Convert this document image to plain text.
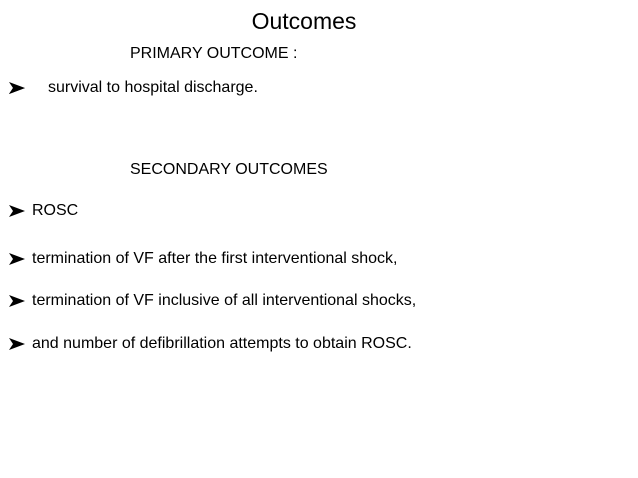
Outcomes
PRIMARY OUTCOME :
survival to hospital discharge.
SECONDARY OUTCOMES
ROSC
termination of VF after the first interventional shock,
termination of VF inclusive of all interventional shocks,
and number of defibrillation attempts to obtain ROSC.
